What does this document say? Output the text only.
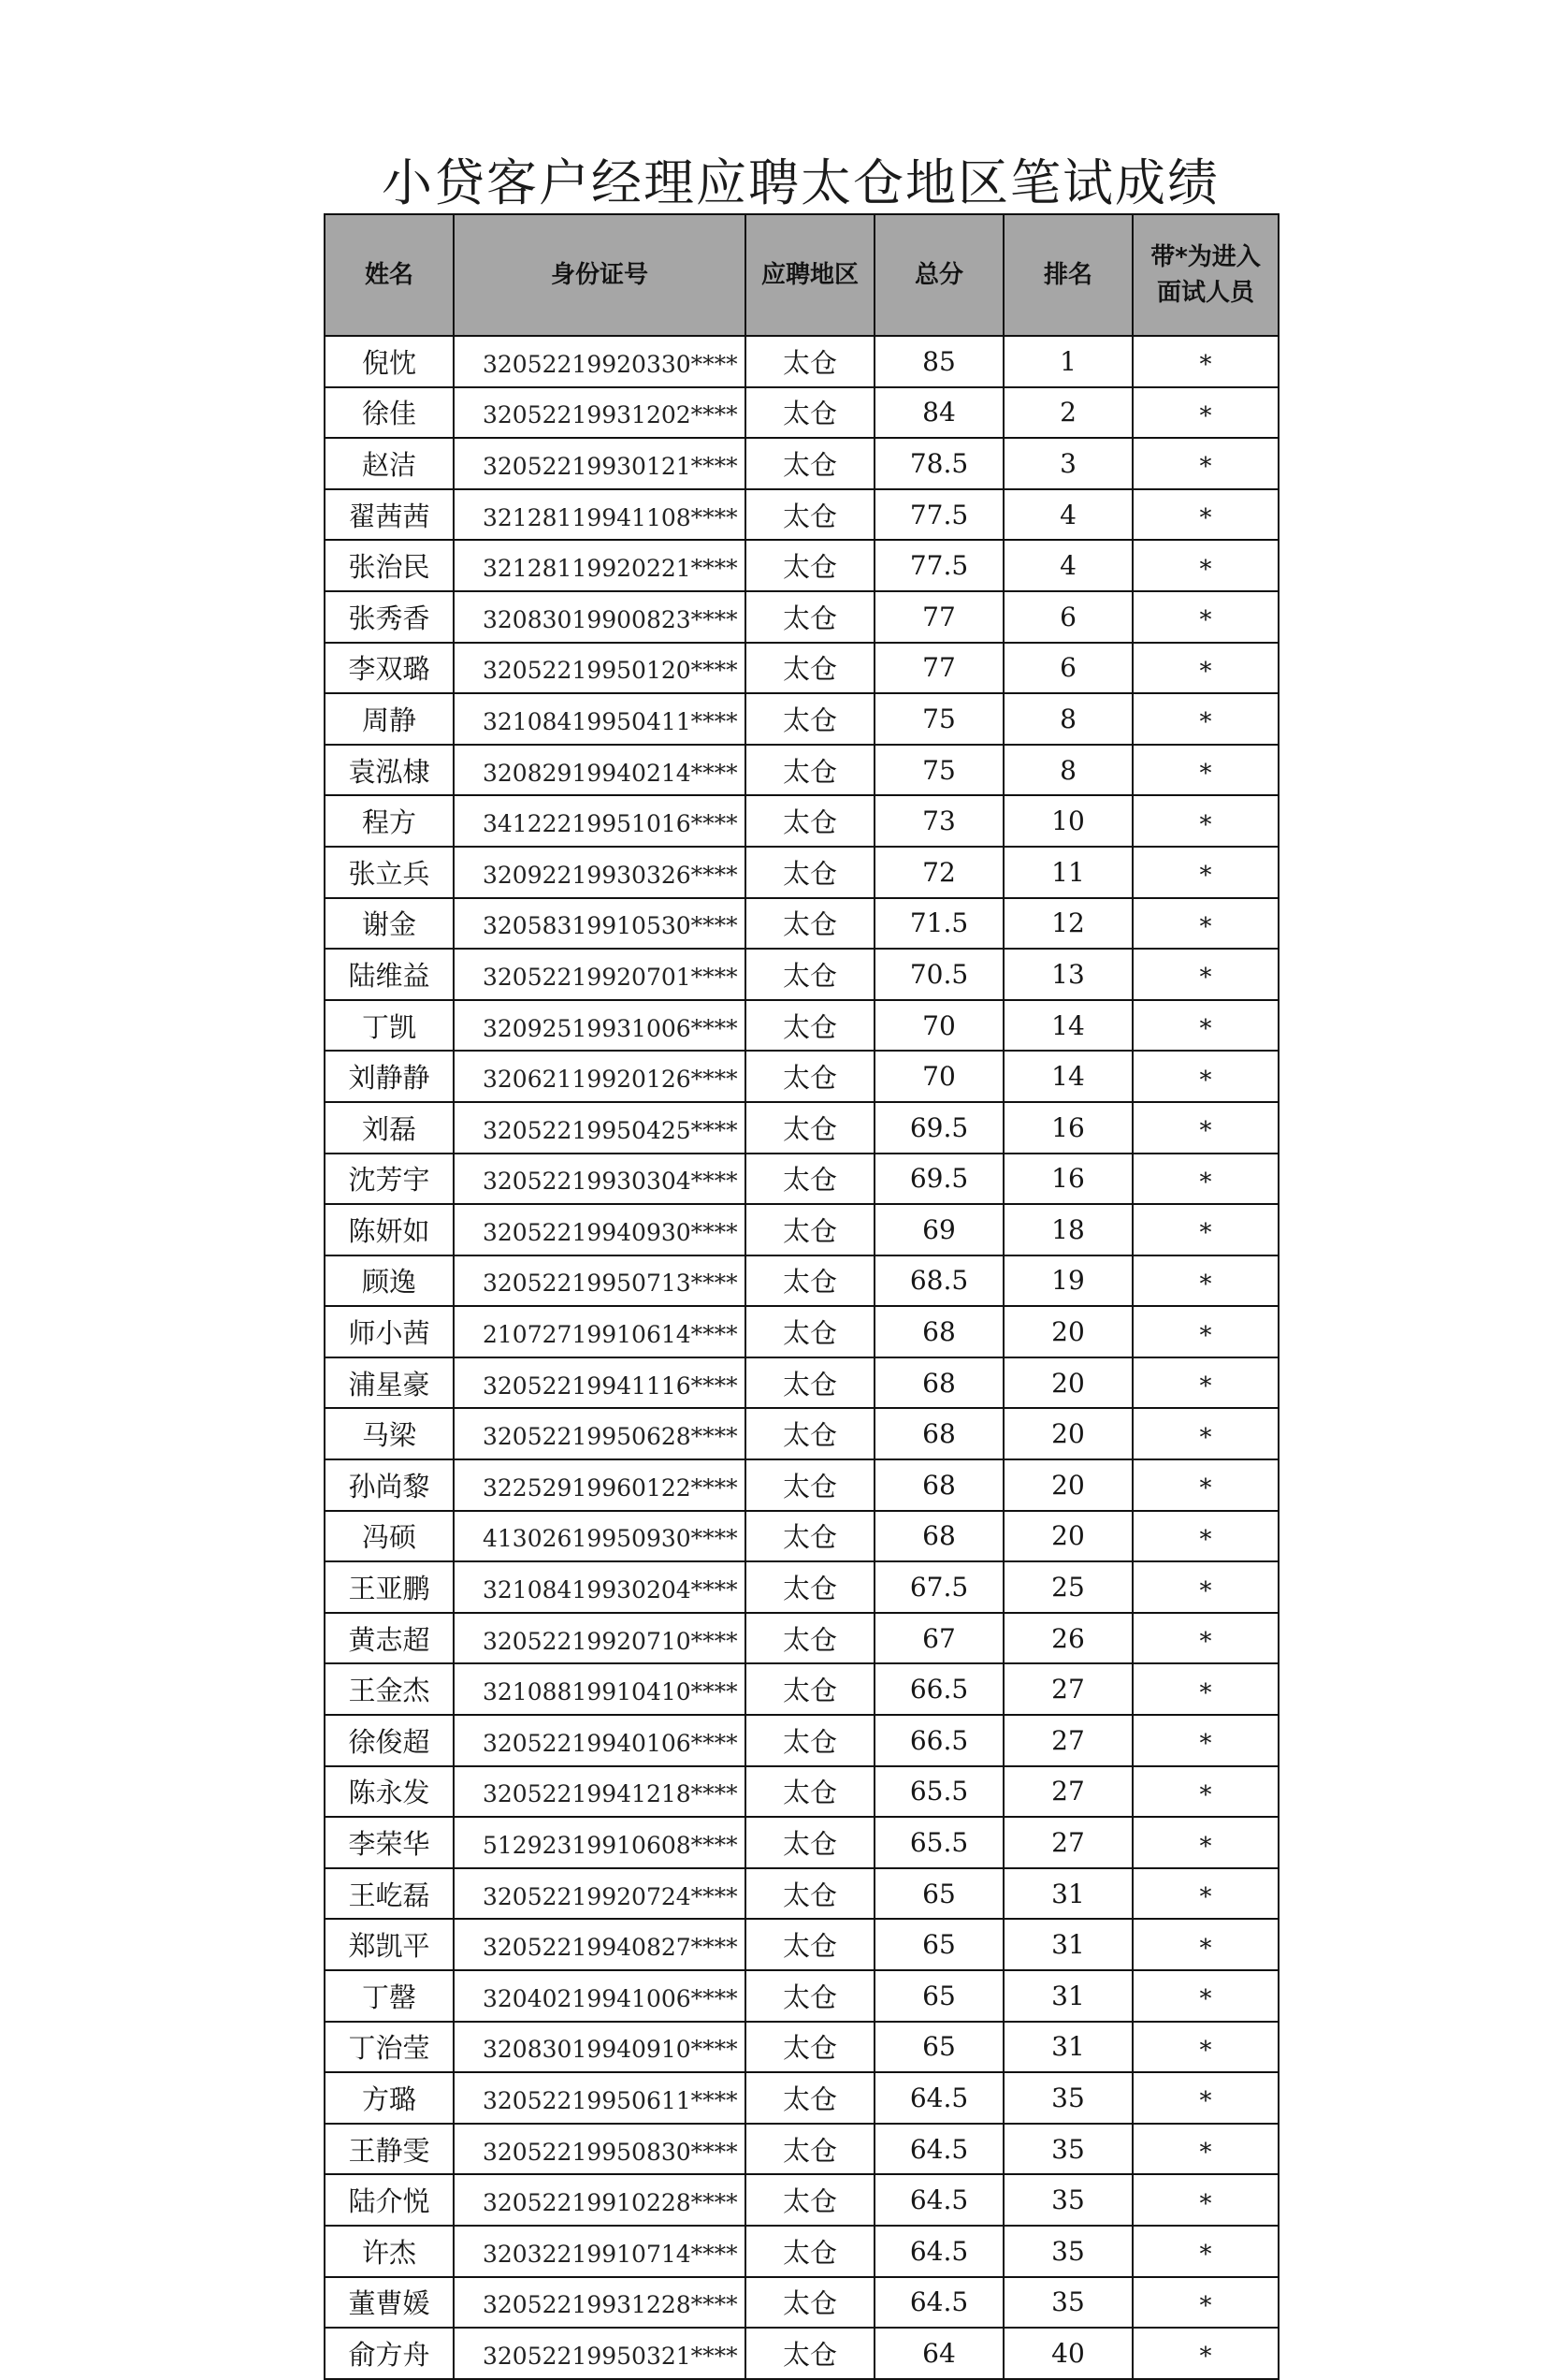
小贷客户经理应聘太仓地区笔试成绩
姓名	身份证号	应聘地区	总分	排名	带*为进入
面试人员
倪忱	32052219920330****	太仓	85	1	*
徐佳	32052219931202****	太仓	84	2	*
赵洁	32052219930121****	太仓	78.5	3	*
翟茜茜	32128119941108****	太仓	77.5	4	*
张治民	32128119920221****	太仓	77.5	4	*
张秀香	32083019900823****	太仓	77	6	*
李双璐	32052219950120****	太仓	77	6	*
周静	32108419950411****	太仓	75	8	*
袁泓棣	32082919940214****	太仓	75	8	*
程方	34122219951016****	太仓	73	10	*
张立兵	32092219930326****	太仓	72	11	*
谢金	32058319910530****	太仓	71.5	12	*
陆维益	32052219920701****	太仓	70.5	13	*
丁凯	32092519931006****	太仓	70	14	*
刘静静	32062119920126****	太仓	70	14	*
刘磊	32052219950425****	太仓	69.5	16	*
沈芳宇	32052219930304****	太仓	69.5	16	*
陈妍如	32052219940930****	太仓	69	18	*
顾逸	32052219950713****	太仓	68.5	19	*
师小茜	21072719910614****	太仓	68	20	*
浦星豪	32052219941116****	太仓	68	20	*
马梁	32052219950628****	太仓	68	20	*
孙尚黎	32252919960122****	太仓	68	20	*
冯硕	41302619950930****	太仓	68	20	*
王亚鹏	32108419930204****	太仓	67.5	25	*
黄志超	32052219920710****	太仓	67	26	*
王金杰	32108819910410****	太仓	66.5	27	*
徐俊超	32052219940106****	太仓	66.5	27	*
陈永发	32052219941218****	太仓	65.5	27	*
李荣华	51292319910608****	太仓	65.5	27	*
王屹磊	32052219920724****	太仓	65	31	*
郑凯平	32052219940827****	太仓	65	31	*
丁罄	32040219941006****	太仓	65	31	*
丁治莹	32083019940910****	太仓	65	31	*
方璐	32052219950611****	太仓	64.5	35	*
王静雯	32052219950830****	太仓	64.5	35	*
陆介悦	32052219910228****	太仓	64.5	35	*
许杰	32032219910714****	太仓	64.5	35	*
董曹媛	32052219931228****	太仓	64.5	35	*
俞方舟	32052219950321****	太仓	64	40	*
